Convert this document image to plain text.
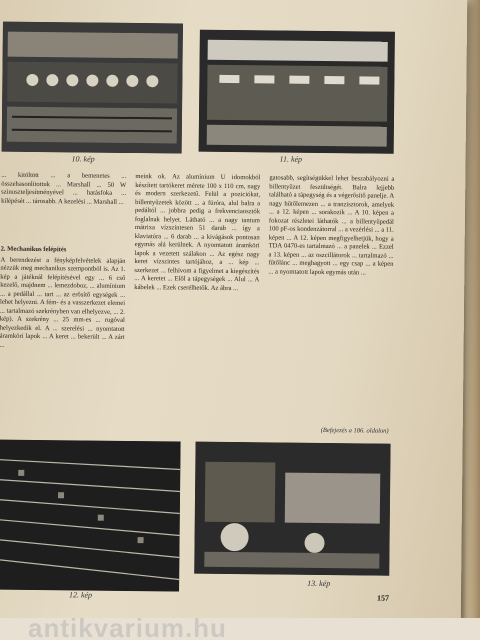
10. kép	11. kép
... kitöltött ... a bemenetes ... összehasonlítottuk ... Marshall ... 50 W szinuszteljesítményével ... hatásfoka ... kilépését ... tárosabb. A kezelési ... Marshall ...
2. Mechanikus felépítés
A berendezést a fényképfelvételek alapján nézzük meg mechanikus szempontból is. Az 1. kép a játéknál felépítésével egy ... 6 cső kezelő, majdnem ... lemezdoboz, ... alumínium ... a pedállal ... tart ... az erősítő egységek ... lehet helyezni. A fém- és a vasszerkezet elemei ... tartalmazó szekrényben van elhelyezve, ... 2. kép). A szekrény ... 25 mm-es ... rugóval helyezkedik el. A ... szerelési ... nyomtatott áramköri lapok ... A keret ... bekerült ... A zárt ...
meink ok. Az alumínium U idomokból készített tartókeret mérete 100 x 110 cm, nagy és modern szerkezetű. Felül a poziciókat, billentyűzetek között ... a fúróra, alul balra a pedáltól ... jobbra pedig a frekvenciaosztók foglalnak helyet. Látható ... a nagy tantum mátrixa vízszintesen 51 darab ... így a klaviatúra ... 6 darab ... a kivágások pontosan egymás alá kerülnek. A nyomtatott áramköri lapok a vezetett szálakon ... Az egész nagy keret vízszintes tartójához, a ... kép ... szerkezet ... felhívom a figyelmet a kiegészítés ... A keretet ... Elől a tápegységek ... Alul ... A kábelek ... Ezek cserélhetők. Az ábra ...
gatosabb, segítségükkel lehet beszabályozni a billentyűzet feszültségét. Balra lejjebb található a tápegység és a végerősítő panelje. A nagy hűtőlemezen ... a tranzisztorok, amelyek ... a 12. képen ... sorakozik ... A 10. képen a fokozat részletei láthatók ... a billentyűpedál 100 pF-os kondenzátorral ... a vezérlési ... a 11. képen ... A 12. képen megfigyelhetjük, hogy a TDA 0470-es tartalmazó ... a panelek ... Ezzel a 13. képen ... az oszcillátorok ... tartalmazó ... fűtőlánc ... meghagyott ... egy csap ... a képen ... a nyomtatott lapok egymás után ...
(Befejezés a 186. oldalon)
12. kép
13. kép
157
antikvarium.hu
